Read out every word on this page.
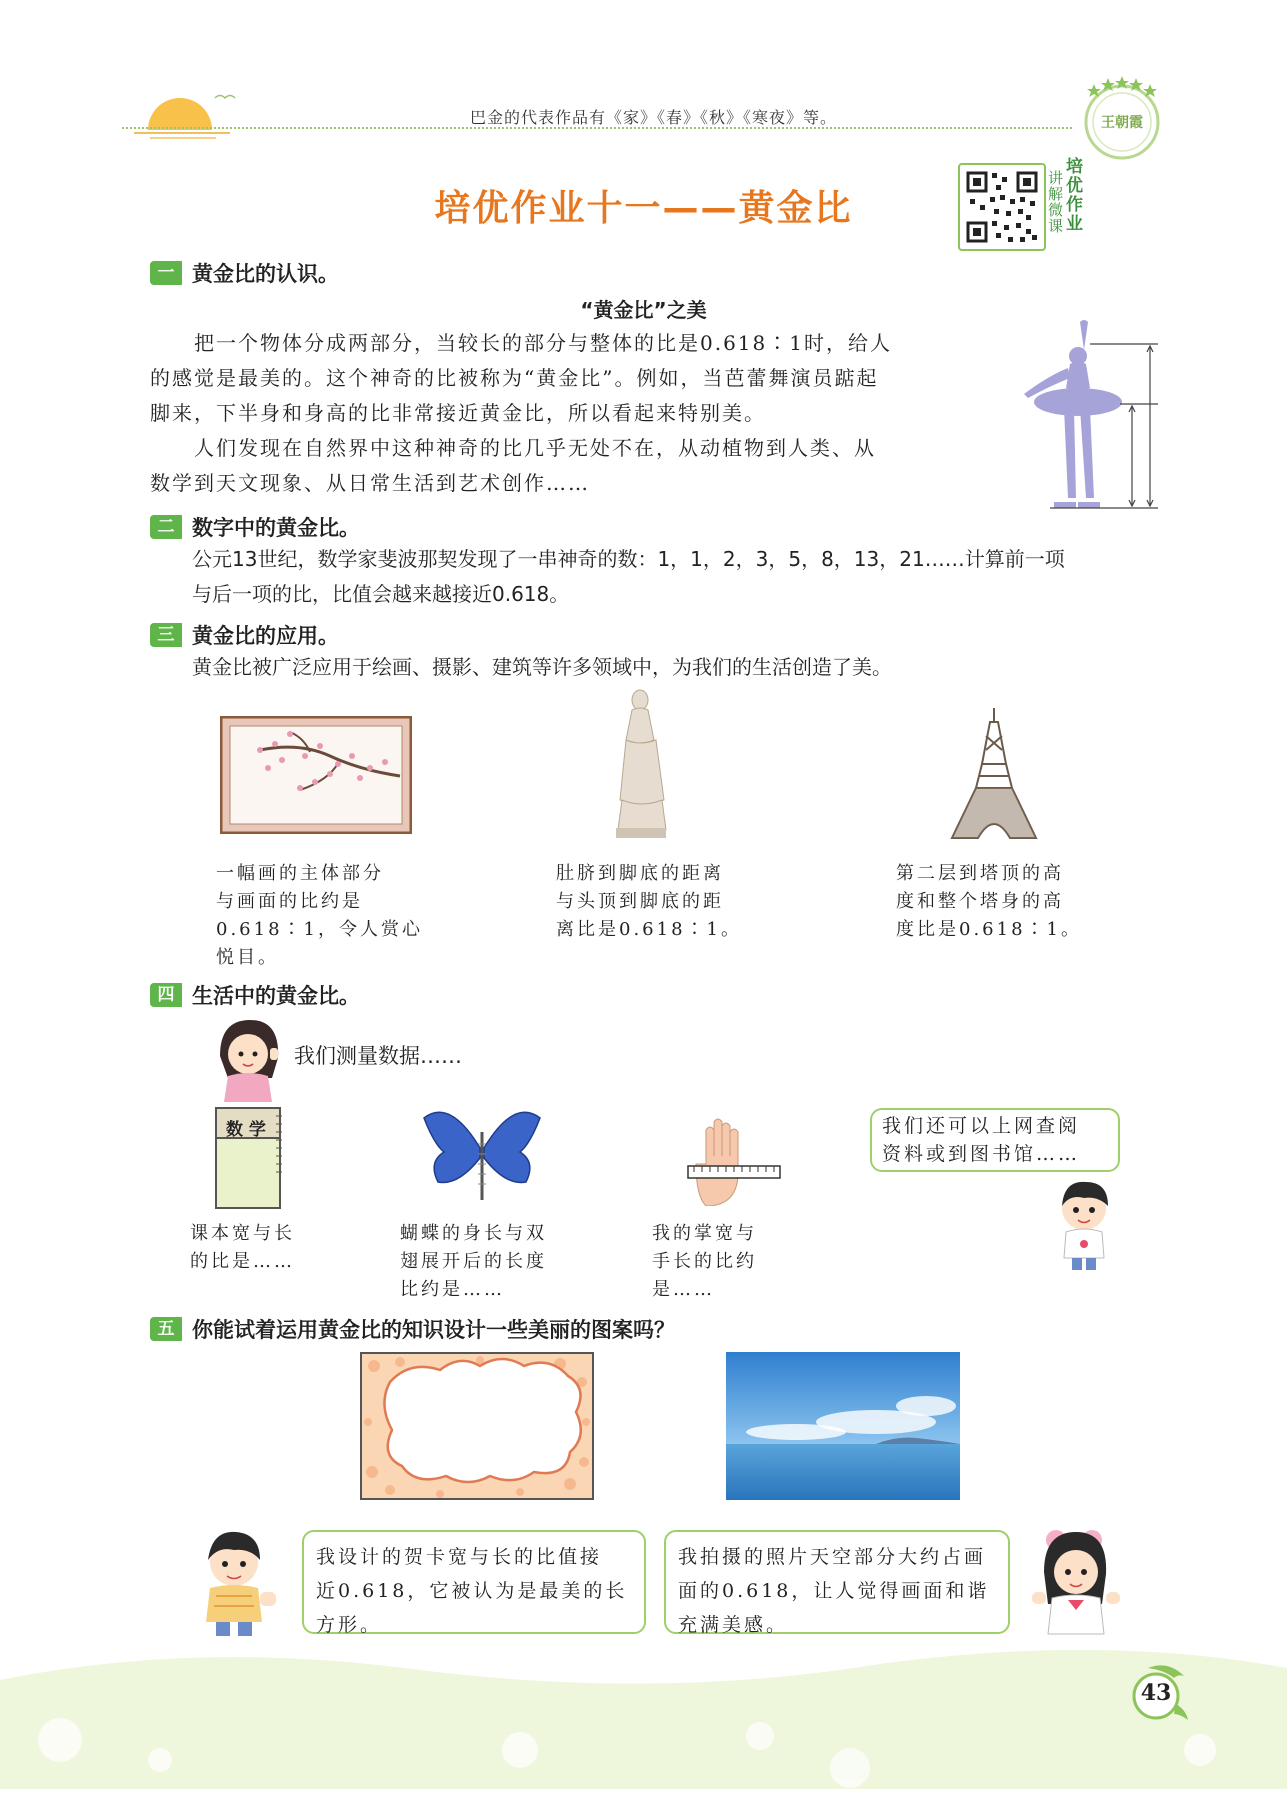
巴金的代表作品有《家》《春》《秋》《寒夜》等。	王朝霞
培优作业十一——黄金比
讲解微课
培优作业
一 黄金比的认识。
“黄金比”之美
　　把一个物体分成两部分，当较长的部分与整体的比是0.618∶1时，给人
的感觉是最美的。这个神奇的比被称为“黄金比”。例如，当芭蕾舞演员踮起
脚来，下半身和身高的比非常接近黄金比，所以看起来特别美。
　　人们发现在自然界中这种神奇的比几乎无处不在，从动植物到人类、从
数学到天文现象、从日常生活到艺术创作……
二 数字中的黄金比。
公元13世纪，数学家斐波那契发现了一串神奇的数：1，1，2，3，5，8，13，21……计算前一项
与后一项的比，比值会越来越接近0.618。
三 黄金比的应用。
黄金比被广泛应用于绘画、摄影、建筑等许多领域中，为我们的生活创造了美。
一幅画的主体部分
与画面的比约是
0.618∶1，令人赏心
悦目。
肚脐到脚底的距离
与头顶到脚底的距
离比是0.618∶1。
第二层到塔顶的高
度和整个塔身的高
度比是0.618∶1。
四 生活中的黄金比。
我们测量数据……
数 学
课本宽与长
的比是……
蝴蝶的身长与双
翅展开后的长度
比约是……
我的掌宽与
手长的比约
是……
我们还可以上网查阅
资料或到图书馆……
五 你能试着运用黄金比的知识设计一些美丽的图案吗？
我设计的贺卡宽与长的比值接
近0.618，它被认为是最美的长
方形。
我拍摄的照片天空部分大约占画
面的0.618，让人觉得画面和谐
充满美感。
43
